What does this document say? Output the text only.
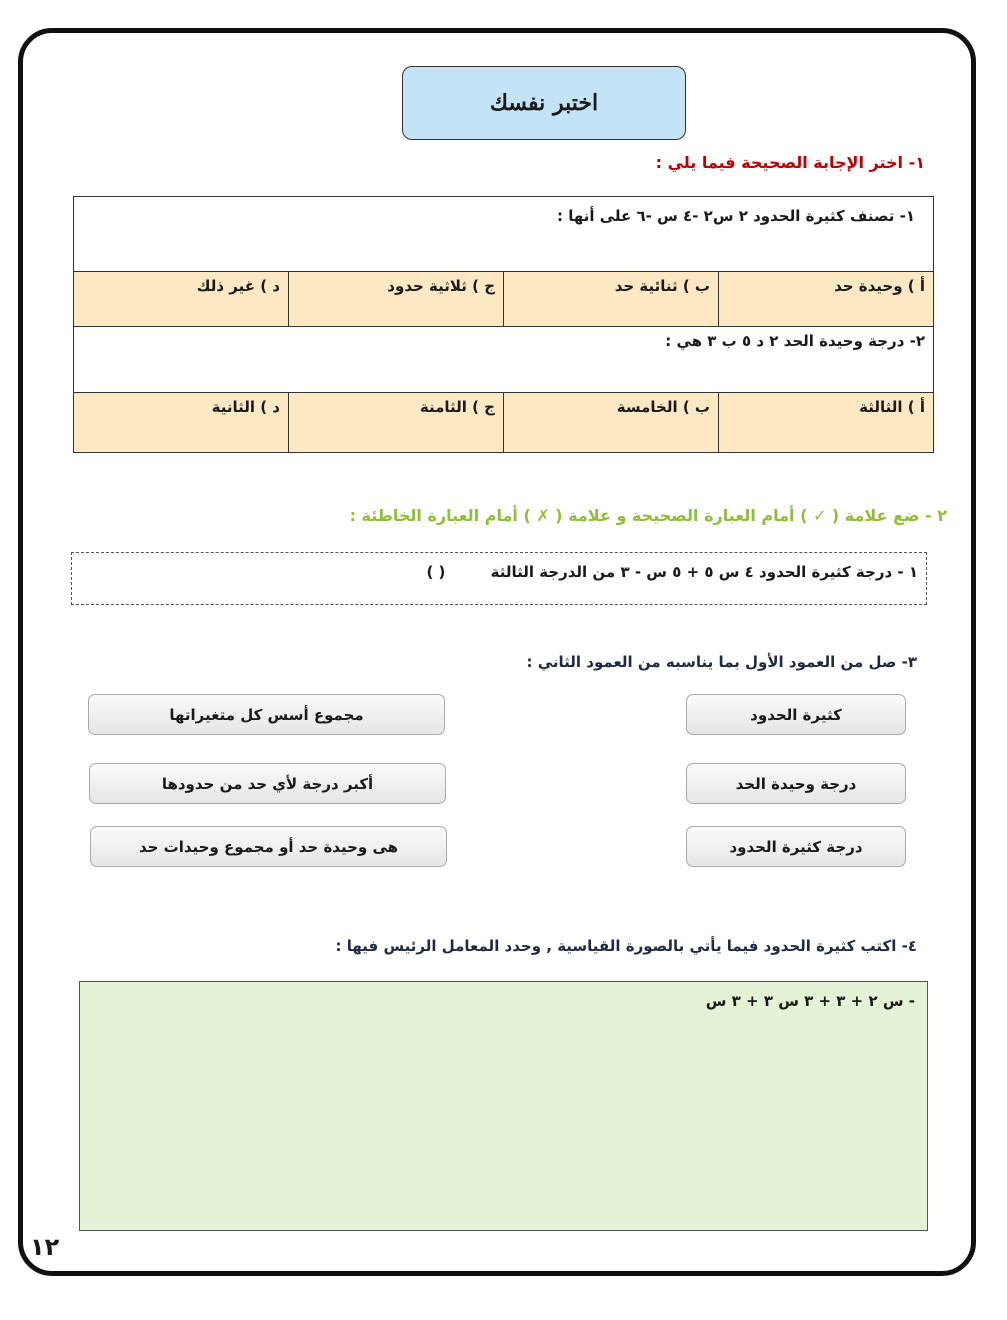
اختبر نفسك
١- اختر الإجابة الصحيحة فيما يلي :
١- تصنف كثيرة الحدود ٢ س٢ -٤ س -٦ على أنها :			
أ ) وحيدة حد	ب ) ثنائية حد	ج ) ثلاثية حدود	د ) غير ذلك
٢- درجة وحيدة الحد ٢ د ٥ ب ٣ هي :			
أ ) الثالثة	ب ) الخامسة	ج ) الثامنة	د ) الثانية
٢ - ضع علامة ( ✓ ) أمام العبارة الصحيحة و علامة ( ✗ ) أمام العبارة الخاطئة :
١ - درجة كثيرة الحدود ٤ س ٥ + ٥ س - ٣ من الدرجة الثالثة ( )
٣- صل من العمود الأول بما يناسبه من العمود الثاني :
كثيرة الحدود
درجة وحيدة الحد
درجة كثيرة الحدود
مجموع أسس كل متغيراتها
أكبر درجة لأي حد من حدودها
هى وحيدة حد أو مجموع وحيدات حد
٤- اكتب كثيرة الحدود فيما يأتي بالصورة القياسية , وحدد المعامل الرئيس فيها :
- س ٢ + ٣ + ٣ س ٣ + ٣ س
١٢
